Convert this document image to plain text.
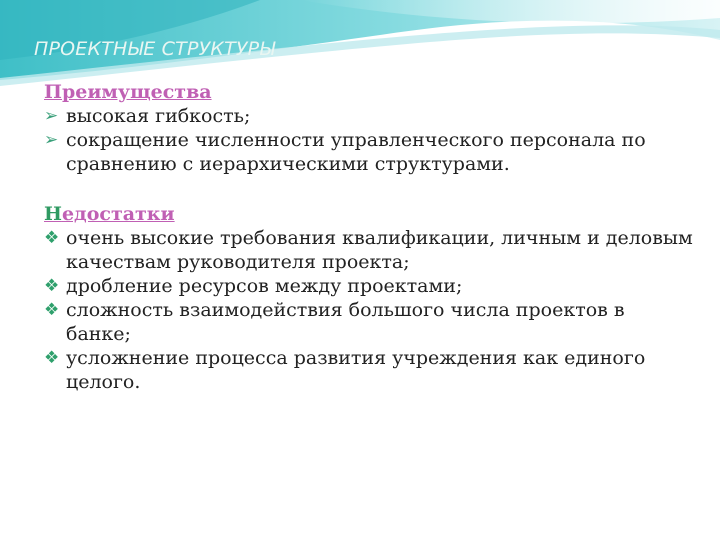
ПРОЕКТНЫЕ СТРУКТУРЫ
Преимущества
➢ высокая гибкость;
➢ сокращение численности управленческого персонала по сравнению с иерархическими структурами.
Недостатки
❖ очень высокие требования квалификации, личным и деловым качествам руководителя проекта;
❖ дробление ресурсов между проектами;
❖ сложность взаимодействия большого числа проектов в банке;
❖ усложнение процесса развития учреждения как единого целого.
